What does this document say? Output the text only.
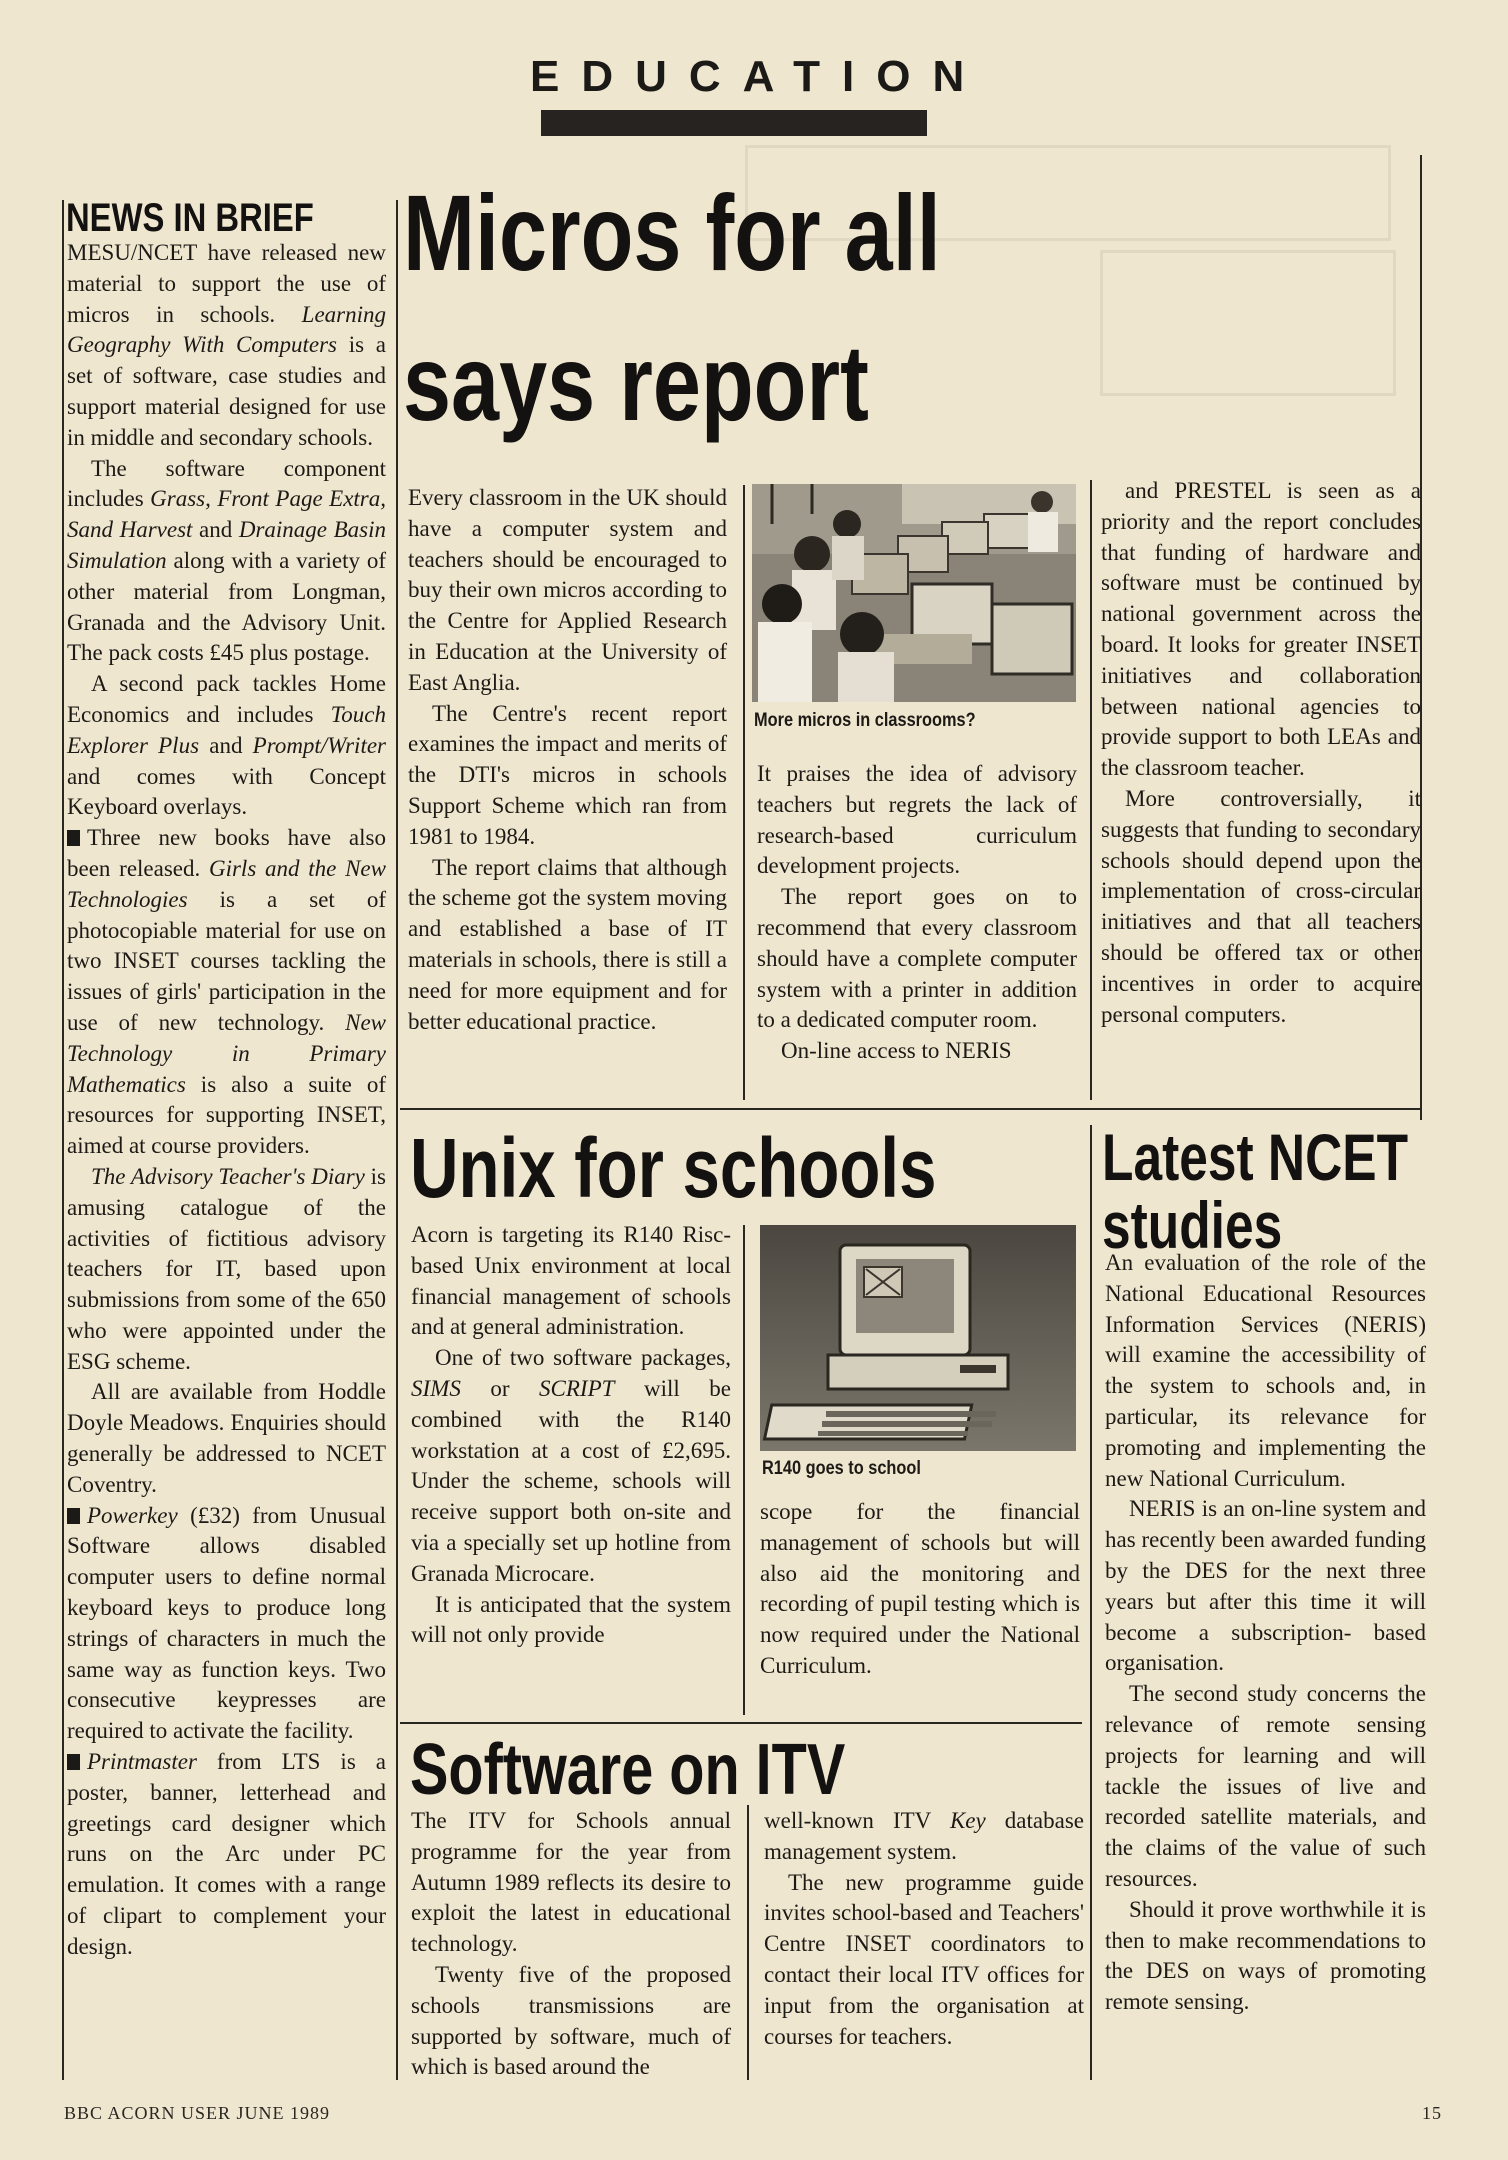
EDUCATION
NEWS IN BRIEF

MESU/NCET have released new material to support the use of micros in schools. Learning Geography With Computers is a set of software, case studies and support material designed for use in middle and secondary schools.

The software component includes Grass, Front Page Extra, Sand Harvest and Drainage Basin Simulation along with a variety of other material from Longman, Granada and the Advisory Unit. The pack costs £45 plus postage.

A second pack tackles Home Economics and includes Touch Explorer Plus and Prompt/Writer and comes with Concept Keyboard overlays.

Three new books have also been released. Girls and the New Technologies is a set of photocopiable material for use on two INSET courses tackling the issues of girls' participation in the use of new technology. New Technology in Primary Mathematics is also a suite of resources for supporting INSET, aimed at course providers.

The Advisory Teacher's Diary is amusing catalogue of the activities of fictitious advisory teachers for IT, based upon submissions from some of the 650 who were appointed under the ESG scheme.

All are available from Hoddle Doyle Meadows. Enquiries should generally be addressed to NCET Coventry.

Powerkey (£32) from Unusual Software allows disabled computer users to define normal keyboard keys to produce long strings of characters in much the same way as function keys. Two consecutive keypresses are required to activate the facility.

Printmaster from LTS is a poster, banner, letterhead and greetings card designer which runs on the Arc under PC emulation. It comes with a range of clipart to complement your design.

Micros for all
says report

Every classroom in the UK should have a computer system and teachers should be encouraged to buy their own micros according to the Centre for Applied Research in Education at the University of East Anglia.

The Centre's recent report examines the impact and merits of the DTI's micros in schools Support Scheme which ran from 1981 to 1984.

The report claims that although the scheme got the system moving and established a base of IT materials in schools, there is still a need for more equipment and for better educational practice.

More micros in classrooms?

It praises the idea of advisory teachers but regrets the lack of research-based curriculum development projects.

The report goes on to recommend that every classroom should have a complete computer system with a printer in addition to a dedicated computer room.

On-line access to NERIS

and PRESTEL is seen as a priority and the report concludes that funding of hardware and software must be continued by national government across the board. It looks for greater INSET initiatives and collaboration between national agencies to provide support to both LEAs and the classroom teacher.

More controversially, it suggests that funding to secondary schools should depend upon the implementation of cross-circular initiatives and that all teachers should be offered tax or other incentives in order to acquire personal computers.

Unix for schools

Acorn is targeting its R140 Risc-based Unix environment at local financial management of schools and at general administration.

One of two software packages, SIMS or SCRIPT will be combined with the R140 workstation at a cost of £2,695. Under the scheme, schools will receive support both on-site and via a specially set up hotline from Granada Microcare.

It is anticipated that the system will not only provide

R140 goes to school

scope for the financial management of schools but will also aid the monitoring and recording of pupil testing which is now required under the National Curriculum.

Software on ITV

The ITV for Schools annual programme for the year from Autumn 1989 reflects its desire to exploit the latest in educational technology.

Twenty five of the proposed schools transmissions are supported by software, much of which is based around the

well-known ITV Key database management system.

The new programme guide invites school-based and Teachers' Centre INSET coordinators to contact their local ITV offices for input from the organisation at courses for teachers.

Latest NCET
studies

An evaluation of the role of the National Educational Resources Information Services (NERIS) will examine the accessibility of the system to schools and, in particular, its relevance for promoting and implementing the new National Curriculum.

NERIS is an on-line system and has recently been awarded funding by the DES for the next three years but after this time it will become a subscription- based organisation.

The second study concerns the relevance of remote sensing projects for learning and will tackle the issues of live and recorded satellite materials, and the claims of the value of such resources.

Should it prove worthwhile it is then to make recommendations to the DES on ways of promoting remote sensing.

BBC ACORN USER JUNE 1989	15
